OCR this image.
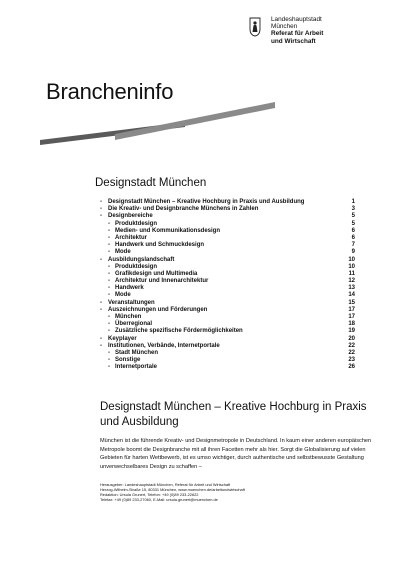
Landeshauptstadt
München
Referat für Arbeit
und Wirtschaft
Brancheninfo
Designstadt München
- Designstadt München – Kreative Hochburg in Praxis und Ausbildung	1
- Die Kreativ- und Designbranche Münchens in Zahlen	3
- Designbereiche	5
- Produktdesign	5
- Medien- und Kommunikationsdesign	6
- Architektur	6
- Handwerk und Schmuckdesign	7
- Mode	9
- Ausbildungslandschaft	10
- Produktdesign	10
- Grafikdesign und Multimedia	11
- Architektur und Innenarchitektur	12
- Handwerk	13
- Mode	14
- Veranstaltungen	15
- Auszeichnungen und Förderungen	17
- München	17
- Überregional	18
- Zusätzliche spezifische Fördermöglichkeiten	19
- Keyplayer	20
- Institutionen, Verbände, Internetportale	22
- Stadt München	22
- Sonstige	23
- Internetportale	26
Designstadt München – Kreative Hochburg in Praxis und Ausbildung

München ist die führende Kreativ- und Designmetropole in Deutschland. In kaum einer anderen europäischen Metropole boomt die Designbranche mit all ihren Facetten mehr als hier. Sorgt die Globalisierung auf vielen Gebieten für harten Wettbewerb, ist es umso wichtiger, durch authentische und selbstbewusste Gestaltung unverwechselbares Design zu schaffen –

Herausgeber: Landeshauptstadt München, Referat für Arbeit und Wirtschaft
Herzog-Wilhelm-Straße 15, 80331 München, www.muenchen.de/arbeitundwirtschaft
Redaktion: Ursula Grunert, Telefon: +49 (0)89 233-22622
Telefax: +49 (0)89 233-27060, E-Mail: ursula.grunert@muenchen.de
